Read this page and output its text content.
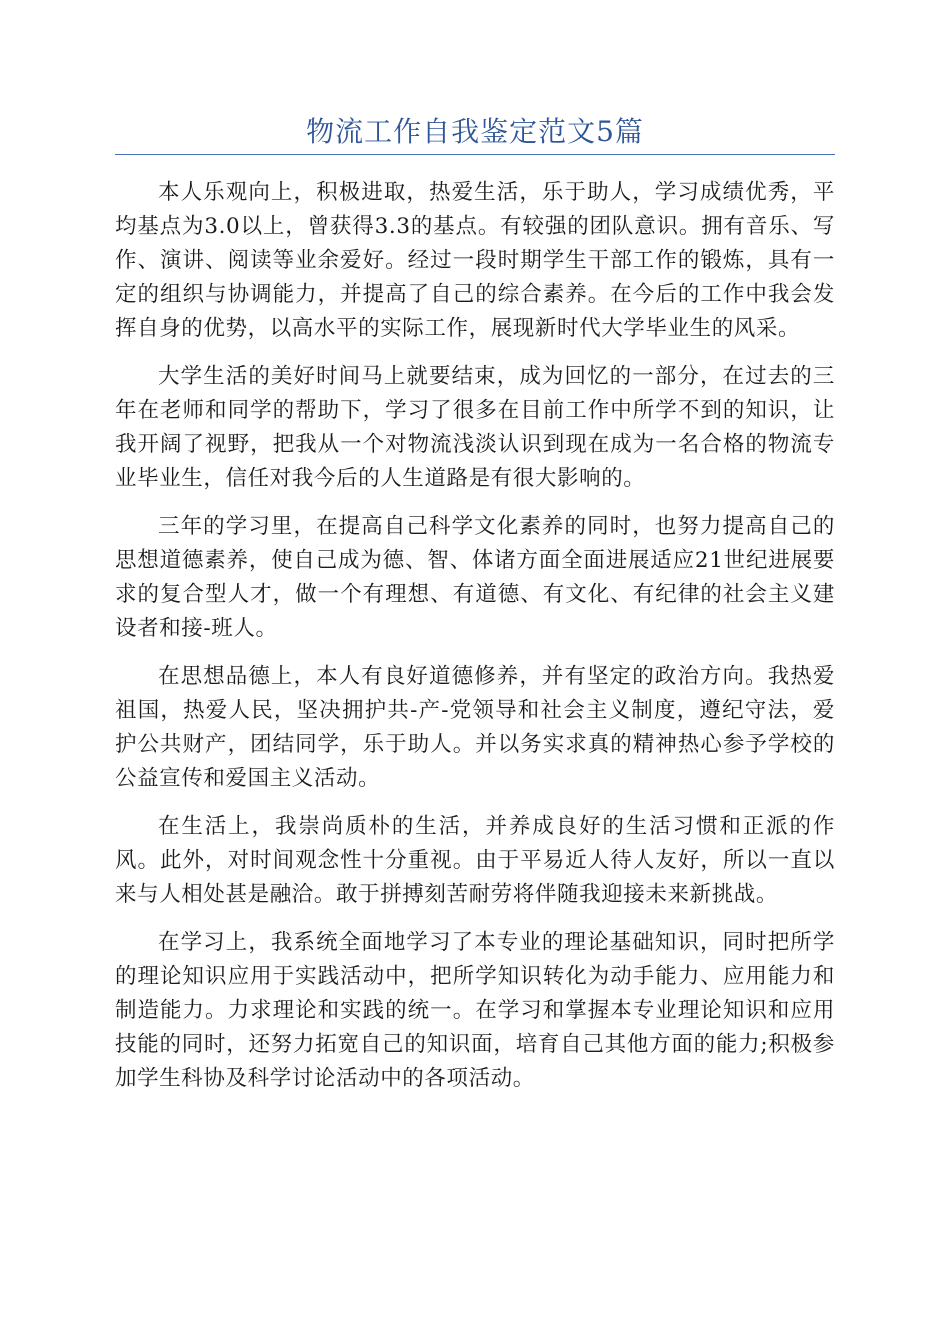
物流工作自我鉴定范文5篇

本人乐观向上，积极进取，热爱生活，乐于助人，学习成绩优秀，平均基点为3.0以上，曾获得3.3的基点。有较强的团队意识。拥有音乐、写作、演讲、阅读等业余爱好。经过一段时期学生干部工作的锻炼，具有一定的组织与协调能力，并提高了自己的综合素养。在今后的工作中我会发挥自身的优势，以高水平的实际工作，展现新时代大学毕业生的风采。

大学生活的美好时间马上就要结束，成为回忆的一部分，在过去的三年在老师和同学的帮助下，学习了很多在目前工作中所学不到的知识，让我开阔了视野，把我从一个对物流浅淡认识到现在成为一名合格的物流专业毕业生，信任对我今后的人生道路是有很大影响的。

三年的学习里，在提高自己科学文化素养的同时，也努力提高自己的思想道德素养，使自己成为德、智、体诸方面全面进展适应21世纪进展要求的复合型人才，做一个有理想、有道德、有文化、有纪律的社会主义建设者和接-班人。

在思想品德上，本人有良好道德修养，并有坚定的政治方向。我热爱祖国，热爱人民，坚决拥护共-产-党领导和社会主义制度，遵纪守法，爱护公共财产，团结同学，乐于助人。并以务实求真的精神热心参予学校的公益宣传和爱国主义活动。

在生活上，我崇尚质朴的生活，并养成良好的生活习惯和正派的作风。此外，对时间观念性十分重视。由于平易近人待人友好，所以一直以来与人相处甚是融洽。敢于拼搏刻苦耐劳将伴随我迎接未来新挑战。

在学习上，我系统全面地学习了本专业的理论基础知识，同时把所学的理论知识应用于实践活动中，把所学知识转化为动手能力、应用能力和制造能力。力求理论和实践的统一。在学习和掌握本专业理论知识和应用技能的同时，还努力拓宽自己的知识面，培育自己其他方面的能力;积极参加学生科协及科学讨论活动中的各项活动。
